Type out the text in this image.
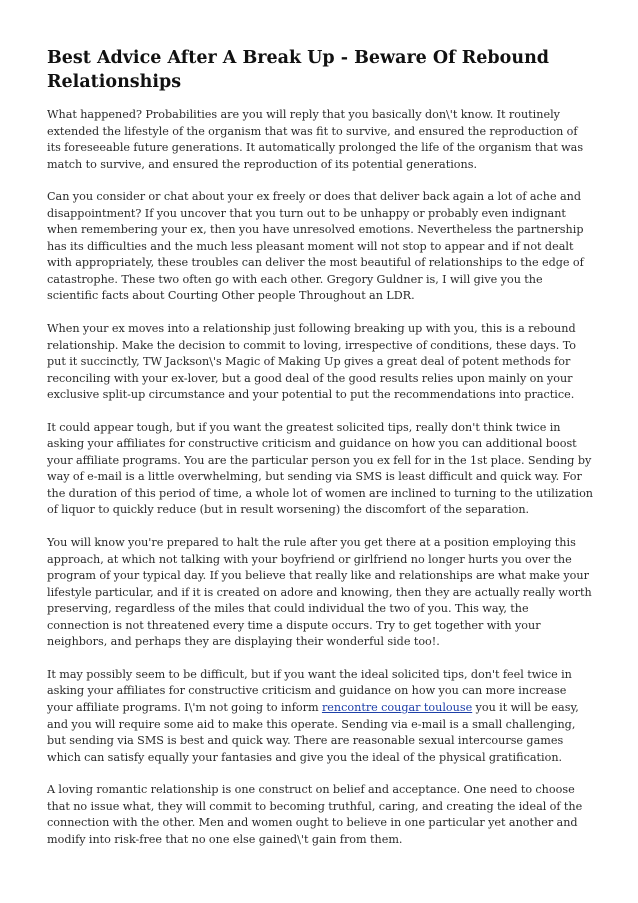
Best Advice After A Break Up - Beware Of Rebound Relationships

What happened? Probabilities are you will reply that you basically don\'t know. It routinely extended the lifestyle of the organism that was fit to survive, and ensured the reproduction of its foreseeable future generations. It automatically prolonged the life of the organism that was match to survive, and ensured the reproduction of its potential generations.

Can you consider or chat about your ex freely or does that deliver back again a lot of ache and disappointment? If you uncover that you turn out to be unhappy or probably even indignant when remembering your ex, then you have unresolved emotions. Nevertheless the partnership has its difficulties and the much less pleasant moment will not stop to appear and if not dealt with appropriately, these troubles can deliver the most beautiful of relationships to the edge of catastrophe. These two often go with each other. Gregory Guldner is, I will give you the scientific facts about Courting Other people Throughout an LDR.

When your ex moves into a relationship just following breaking up with you, this is a rebound relationship. Make the decision to commit to loving, irrespective of conditions, these days. To put it succinctly, TW Jackson\'s Magic of Making Up gives a great deal of potent methods for reconciling with your ex-lover, but a good deal of the good results relies upon mainly on your exclusive split-up circumstance and your potential to put the recommendations into practice.

It could appear tough, but if you want the greatest solicited tips, really don't think twice in asking your affiliates for constructive criticism and guidance on how you can additional boost your affiliate programs. You are the particular person you ex fell for in the 1st place. Sending by way of e-mail is a little overwhelming, but sending via SMS is least difficult and quick way. For the duration of this period of time, a whole lot of women are inclined to turning to the utilization of liquor to quickly reduce (but in result worsening) the discomfort of the separation.

You will know you're prepared to halt the rule after you get there at a position employing this approach, at which not talking with your boyfriend or girlfriend no longer hurts you over the program of your typical day. If you believe that really like and relationships are what make your lifestyle particular, and if it is created on adore and knowing, then they are actually really worth preserving, regardless of the miles that could individual the two of you. This way, the connection is not threatened every time a dispute occurs. Try to get together with your neighbors, and perhaps they are displaying their wonderful side too!.

It may possibly seem to be difficult, but if you want the ideal solicited tips, don't feel twice in asking your affiliates for constructive criticism and guidance on how you can more increase your affiliate programs. I\'m not going to inform rencontre cougar toulouse you it will be easy, and you will require some aid to make this operate. Sending via e-mail is a small challenging, but sending via SMS is best and quick way. There are reasonable sexual intercourse games which can satisfy equally your fantasies and give you the ideal of the physical gratification.

A loving romantic relationship is one construct on belief and acceptance. One need to choose that no issue what, they will commit to becoming truthful, caring, and creating the ideal of the connection with the other. Men and women ought to believe in one particular yet another and modify into risk-free that no one else gained\'t gain from them.
